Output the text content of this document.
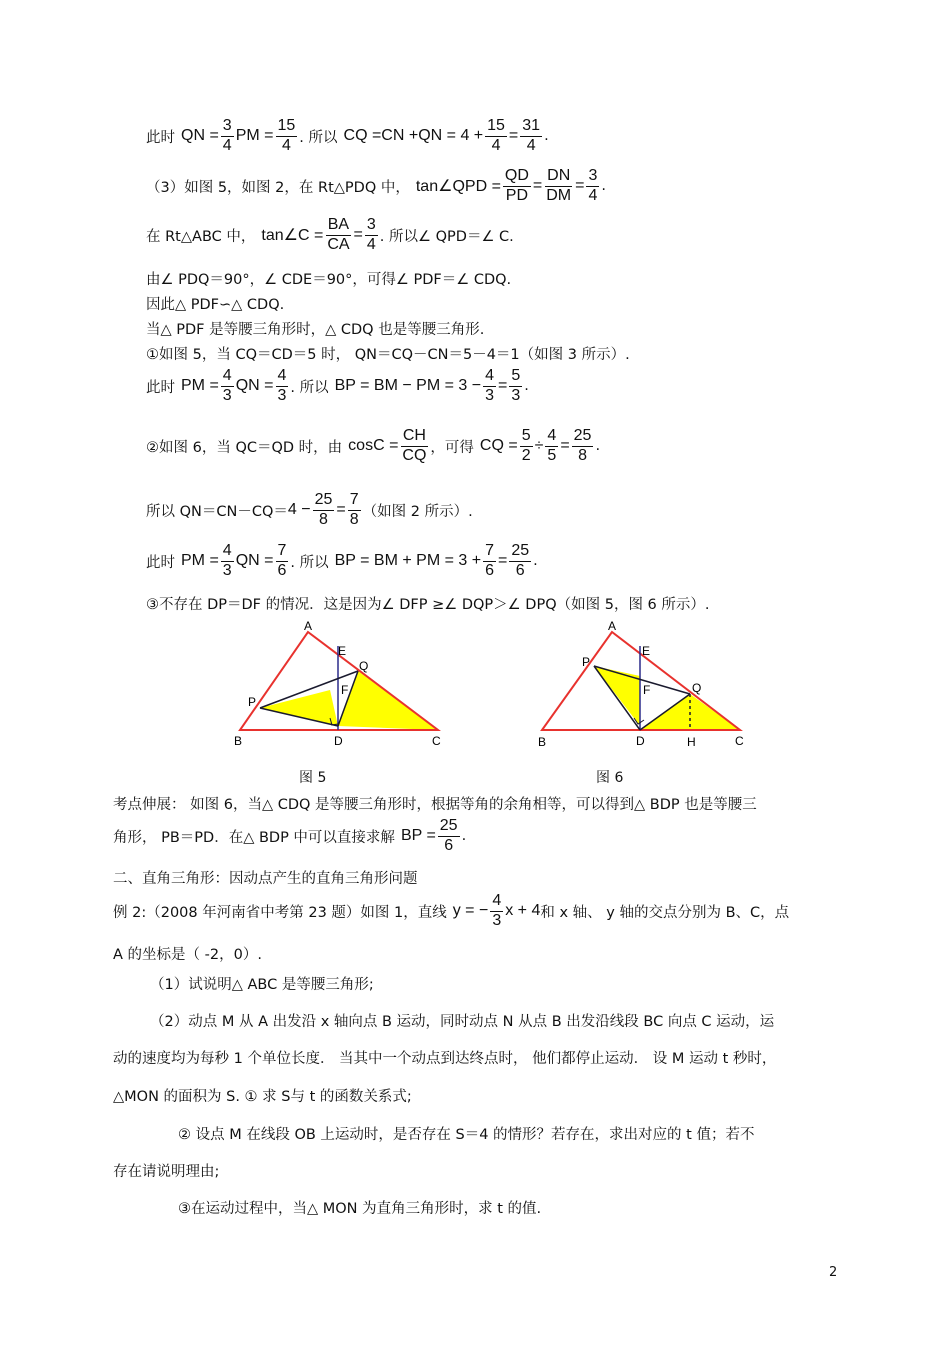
此时 QN = $\frac{3}{4}$ PM = $\frac{15}{4}$ . 所以 CQ $=CN +QN = 4 + \frac{15}{4} = \frac{31}{4}$ .
（3）如图 5，如图 2，在 Rt△PDQ 中， tan∠QPD = $\frac{QD}{PD} = \frac{DN}{DM} = \frac{3}{4}$ .
在 Rt△ABC 中， tan∠C = $\frac{BA}{CA} = \frac{3}{4}$ . 所以∠ QPD＝∠ C.
由∠ PDQ＝90°，∠ CDE＝90°，可得∠ PDF＝∠ CDQ.
因此△ PDF∽△ CDQ.
当△ PDF 是等腰三角形时，△ CDQ 也是等腰三角形.
①如图 5，当 CQ＝CD＝5 时， QN＝CQ－CN＝5－4＝1（如图 3 所示）.
此时 PM = $\frac{4}{3}$ QN = $\frac{4}{3}$ . 所以 BP = BM − PM = $3 - \frac{4}{3} = \frac{5}{3}$ .
②如图 6，当 QC＝QD 时，由 $\cos C = \frac{CH}{CQ}$ ，可得 CQ = $\frac{5}{2} \div \frac{4}{5} = \frac{25}{8}$ .
所以 $QN=CN-CQ= 4 - \frac{25}{8} = \frac{7}{8}$ （如图 2 所示）.
此时 PM = $\frac{4}{3}$ QN = $\frac{7}{6}$ . 所以 BP = BM + PM = $3 + \frac{7}{6} = \frac{25}{6}$ .
③不存在 DP＝DF 的情况．这是因为∠ DFP ≥∠ DQP＞∠ DPQ（如图 5，图 6 所示）.
A
B	C
D
E
F
P
Q
A
B	C
D
E
F
P
Q
H
图 5	图 6
考点伸展： 如图 6，当△ CDQ 是等腰三角形时，根据等角的余角相等，可以得到△ BDP 也是等腰三
角形， PB＝PD．在△ BDP 中可以直接求解 BP = $\frac{25}{6}$ .
二、直角三角形：因动点产生的直角三角形问题
例 2:（2008 年河南省中考第 23 题）如图 1，直线 y = − $\frac{4}{3}$ x + 4 和 x 轴、 y 轴的交点分别为 B、C，点
A 的坐标是（ -2，0）.
（1）试说明△ ABC 是等腰三角形;
（2）动点 M 从 A 出发沿 x 轴向点 B 运动，同时动点 N 从点 B 出发沿线段 BC 向点 C 运动，运
动的速度均为每秒 1 个单位长度． 当其中一个动点到达终点时， 他们都停止运动． 设 M 运动 t 秒时，
△MON 的面积为 S. ① 求 S与 t 的函数关系式;
② 设点 M 在线段 OB 上运动时，是否存在 S＝4 的情形？若存在，求出对应的 t 值；若不
存在请说明理由;
③在运动过程中，当△ MON 为直角三角形时，求 t 的值.
2
